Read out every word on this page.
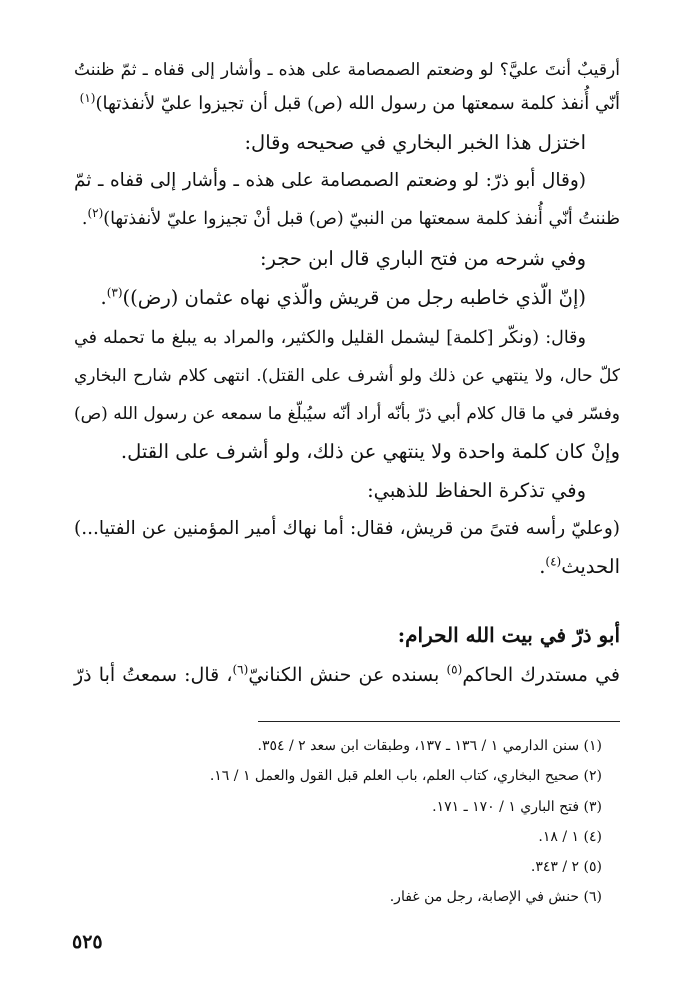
أرقيبٌ أنتَ عليَّ؟ لو وضعتم الصمصامة على هذه ـ وأشار إلى قفاه ـ ثمّ ظننتُ
أنّي أُنفذ كلمة سمعتها من رسول الله (ص) قبل أن تجيزوا عليّ لأنفذتها)$^{(١)}$
اختزل هذا الخبر البخاري في صحيحه وقال:
(وقال أبو ذرّ: لو وضعتم الصمصامة على هذه ـ وأشار إلى قفاه ـ ثمّ
ظننتُ أنّي أُنفذ كلمة سمعتها من النبيّ (ص) قبل أنْ تجيزوا عليّ لأنفذتها)$^{(٢)}$.
وفي شرحه من فتح الباري قال ابن حجر:
(إنّ الّذي خاطبه رجل من قريش والّذي نهاه عثمان (رض))$^{(٣)}$.
وقال: (ونكّر [كلمة] ليشمل القليل والكثير، والمراد به يبلغ ما تحمله في
كلّ حال، ولا ينتهي عن ذلك ولو أشرف على القتل). انتهى كلام شارح البخاري
وفسّر في ما قال كلام أبي ذرّ بأنّه أراد أنّه سيُبلّغ ما سمعه عن رسول الله (ص)
وإنْ كان كلمة واحدة ولا ينتهي عن ذلك، ولو أشرف على القتل.
وفي تذكرة الحفاظ للذهبي:
(وعليّ رأسه فتىً من قريش، فقال: أما نهاك أمير المؤمنين عن الفتيا...)
الحديث$^{(٤)}$.
أبو ذرّ في بيت الله الحرام:
في مستدرك الحاكم$^{(٥)}$ بسنده عن حنش الكنانيّ$^{(٦)}$، قال: سمعتُ أبا ذرّ
(١) سنن الدارمي ١ / ١٣٦ ـ ١٣٧، وطبقات ابن سعد ٢ / ٣٥٤.
(٢) صحيح البخاري، كتاب العلم، باب العلم قبل القول والعمل ١ / ١٦.
(٣) فتح الباري ١ / ١٧٠ ـ ١٧١.
(٤) ١ / ١٨.
(٥) ٢ / ٣٤٣.
(٦) حنش في الإصابة، رجل من غفار.
٥٢٥
